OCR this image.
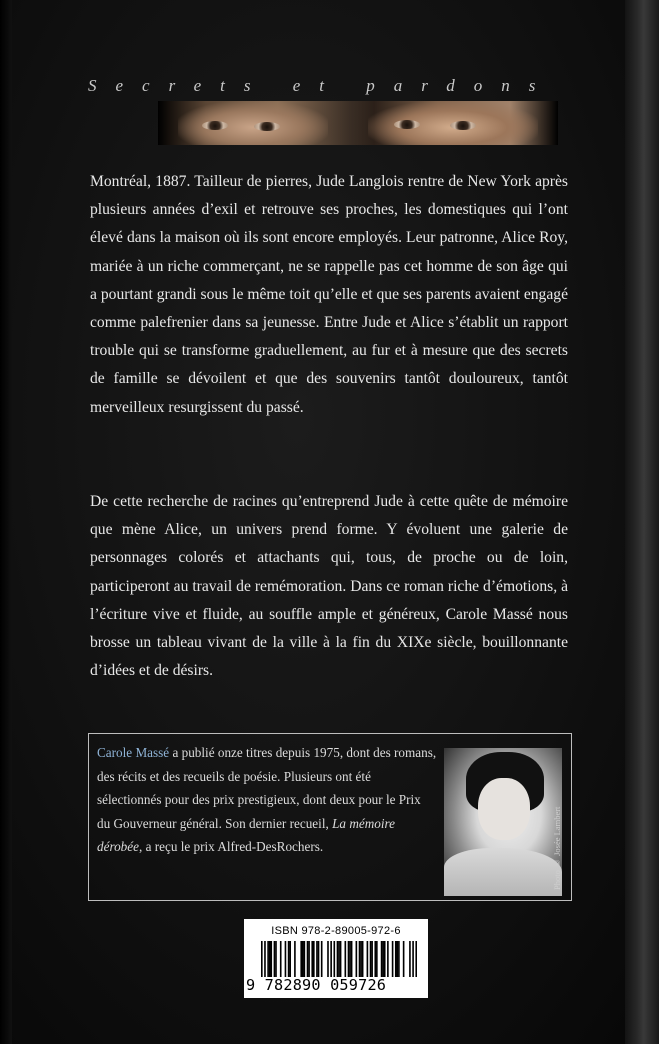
Secrets et pardons
Montréal, 1887. Tailleur de pierres, Jude Langlois rentre de New York après plusieurs années d’exil et retrouve ses proches, les domestiques qui l’ont élevé dans la maison où ils sont encore employés. Leur patronne, Alice Roy, mariée à un riche commerçant, ne se rappelle pas cet homme de son âge qui a pourtant grandi sous le même toit qu’elle et que ses parents avaient engagé comme palefrenier dans sa jeunesse. Entre Jude et Alice s’établit un rapport trouble qui se transforme graduellement, au fur et à mesure que des secrets de famille se dévoilent et que des souvenirs tantôt douloureux, tantôt merveilleux resurgissent du passé.
De cette recherche de racines qu’entreprend Jude à cette quête de mémoire que mène Alice, un univers prend forme. Y évoluent une galerie de personnages colorés et attachants qui, tous, de proche ou de loin, participeront au travail de remémoration. Dans ce roman riche d’émotions, à l’écriture vive et fluide, au souffle ample et généreux, Carole Massé nous brosse un tableau vivant de la ville à la fin du XIXe siècle, bouillonnante d’idées et de désirs.
Carole Massé a publié onze titres depuis 1975, dont des romans, des récits et des recueils de poésie. Plusieurs ont été sélectionnés pour des prix prestigieux, dont deux pour le Prix du Gouverneur général. Son dernier recueil, La mémoire dérobée, a reçu le prix Alfred-DesRochers.	Photo © Josée Lambert
ISBN 978-2-89005-972-6
9 782890 059726
